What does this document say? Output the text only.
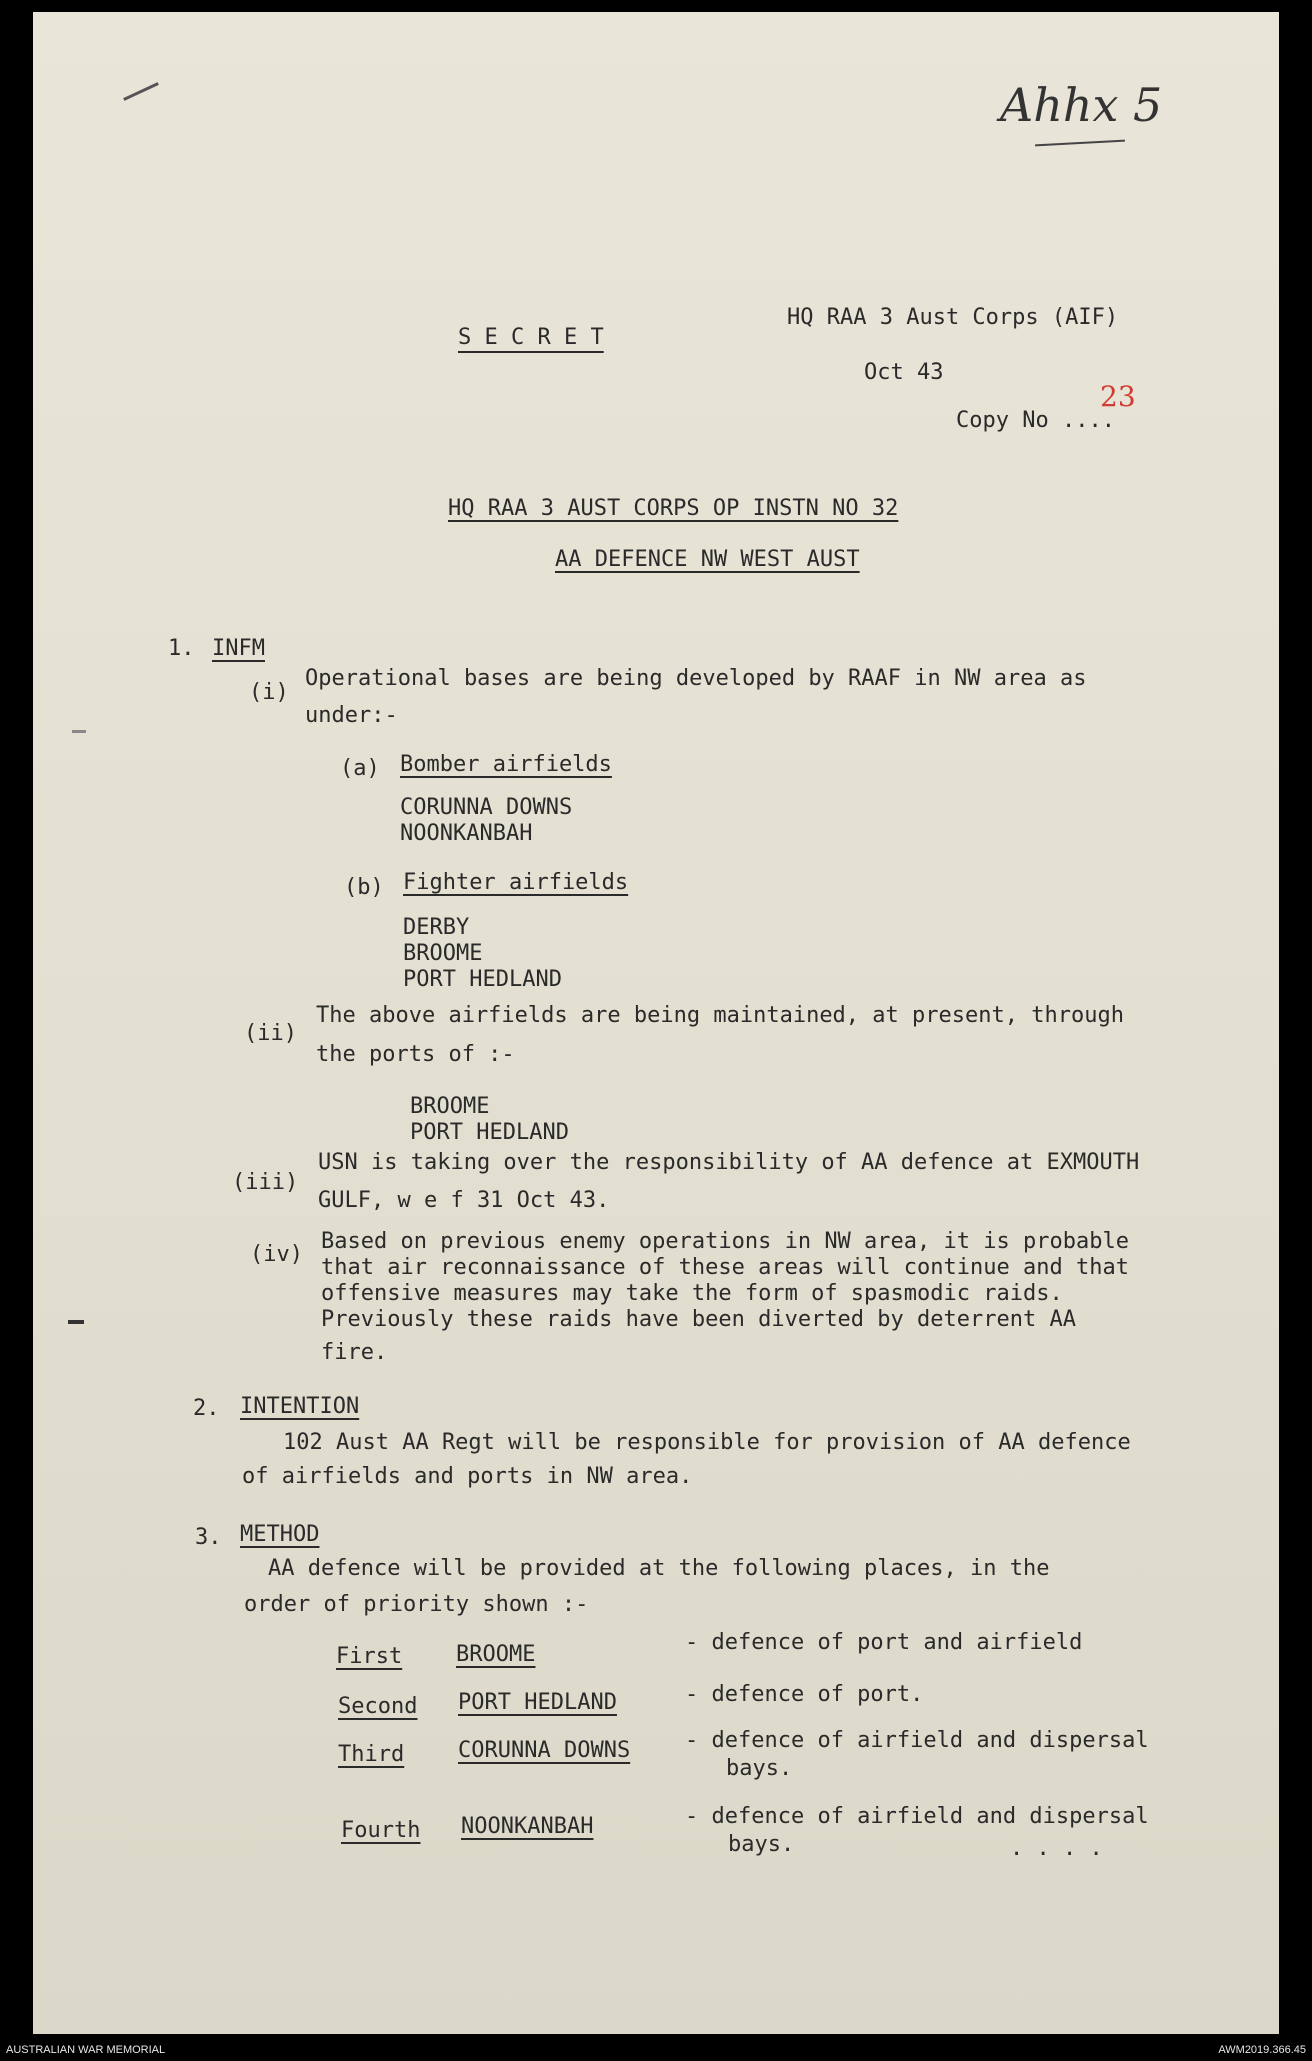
Ahhx 5
S E C R E T
HQ RAA 3 Aust Corps (AIF)
Oct 43
Copy No ....
23
HQ RAA 3 AUST CORPS OP INSTN NO 32
AA DEFENCE NW WEST AUST
1. INFM
(i)
Operational bases are being developed by RAAF in NW area as
under:-
(a) Bomber airfields
CORUNNA DOWNS
NOONKANBAH
(b) Fighter airfields
DERBY
BROOME
PORT HEDLAND
(ii)
The above airfields are being maintained, at present, through
the ports of :-
BROOME
PORT HEDLAND
(iii)
USN is taking over the responsibility of AA defence at EXMOUTH
GULF, w e f 31 Oct 43.
(iv)
Based on previous enemy operations in NW area, it is probable
that air reconnaissance of these areas will continue and that
offensive measures may take the form of spasmodic raids.
Previously these raids have been diverted by deterrent AA
fire.
2. INTENTION
102 Aust AA Regt will be responsible for provision of AA defence
of airfields and ports in NW area.
3. METHOD
AA defence will be provided at the following places, in the
order of priority shown :-
First BROOME	- defence of port and airfield
Second PORT HEDLAND	- defence of port.
Third CORUNNA DOWNS - defence of airfield and dispersal
bays.
Fourth NOONKANBAH	- defence of airfield and dispersal
bays.	. . . .
AUSTRALIAN WAR MEMORIAL	AWM2019.366.45
